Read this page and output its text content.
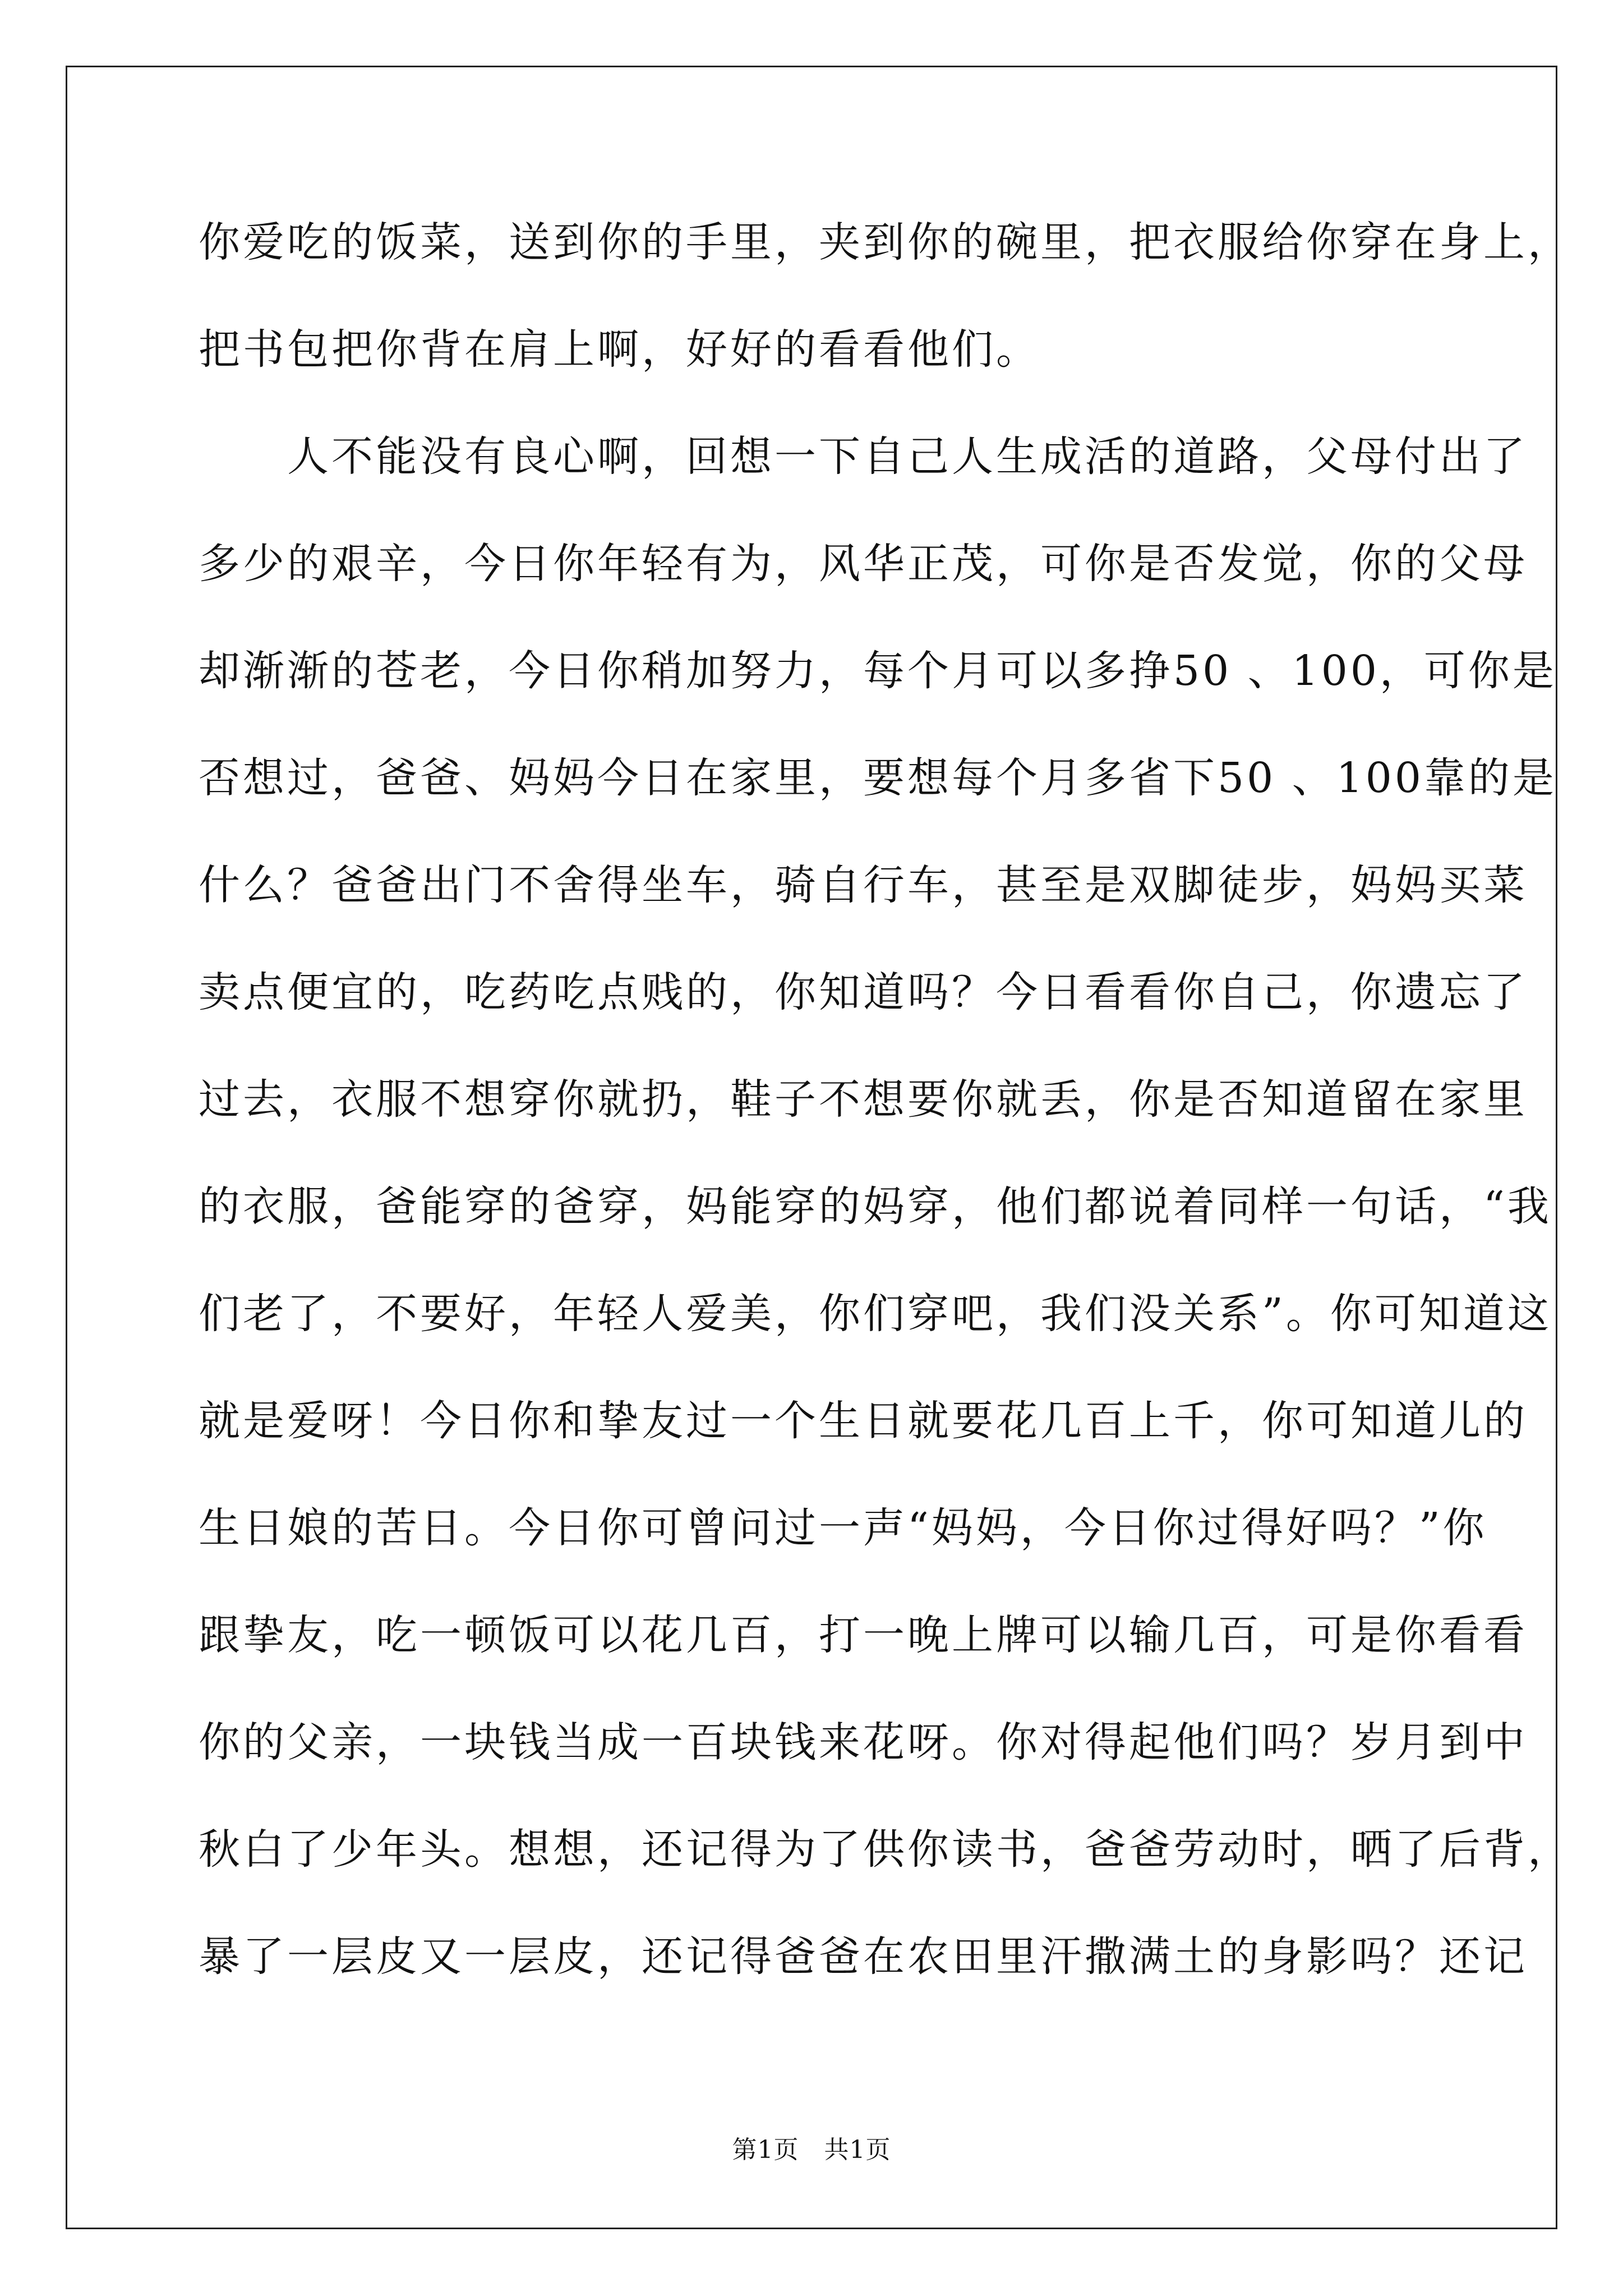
你爱吃的饭菜，送到你的手里，夹到你的碗里，把衣服给你穿在身上，
把书包把你背在肩上啊，好好的看看他们。
　　人不能没有良心啊，回想一下自己人生成活的道路，父母付出了
多少的艰辛，今日你年轻有为，风华正茂，可你是否发觉，你的父母
却渐渐的苍老，今日你稍加努力，每个月可以多挣50 、100，可你是
否想过，爸爸、妈妈今日在家里，要想每个月多省下50 、100靠的是
什么？爸爸出门不舍得坐车，骑自行车，甚至是双脚徒步，妈妈买菜
卖点便宜的，吃药吃点贱的，你知道吗？今日看看你自己，你遗忘了
过去，衣服不想穿你就扔，鞋子不想要你就丢，你是否知道留在家里
的衣服，爸能穿的爸穿，妈能穿的妈穿，他们都说着同样一句话，“我
们老了，不要好，年轻人爱美，你们穿吧，我们没关系”。你可知道这
就是爱呀！今日你和挚友过一个生日就要花几百上千，你可知道儿的
生日娘的苦日。今日你可曾问过一声“妈妈，今日你过得好吗？”你
跟挚友，吃一顿饭可以花几百，打一晚上牌可以输几百，可是你看看
你的父亲，一块钱当成一百块钱来花呀。你对得起他们吗？岁月到中
秋白了少年头。想想，还记得为了供你读书，爸爸劳动时，晒了后背，
暴了一层皮又一层皮，还记得爸爸在农田里汗撒满土的身影吗？还记
第1页　共1页
